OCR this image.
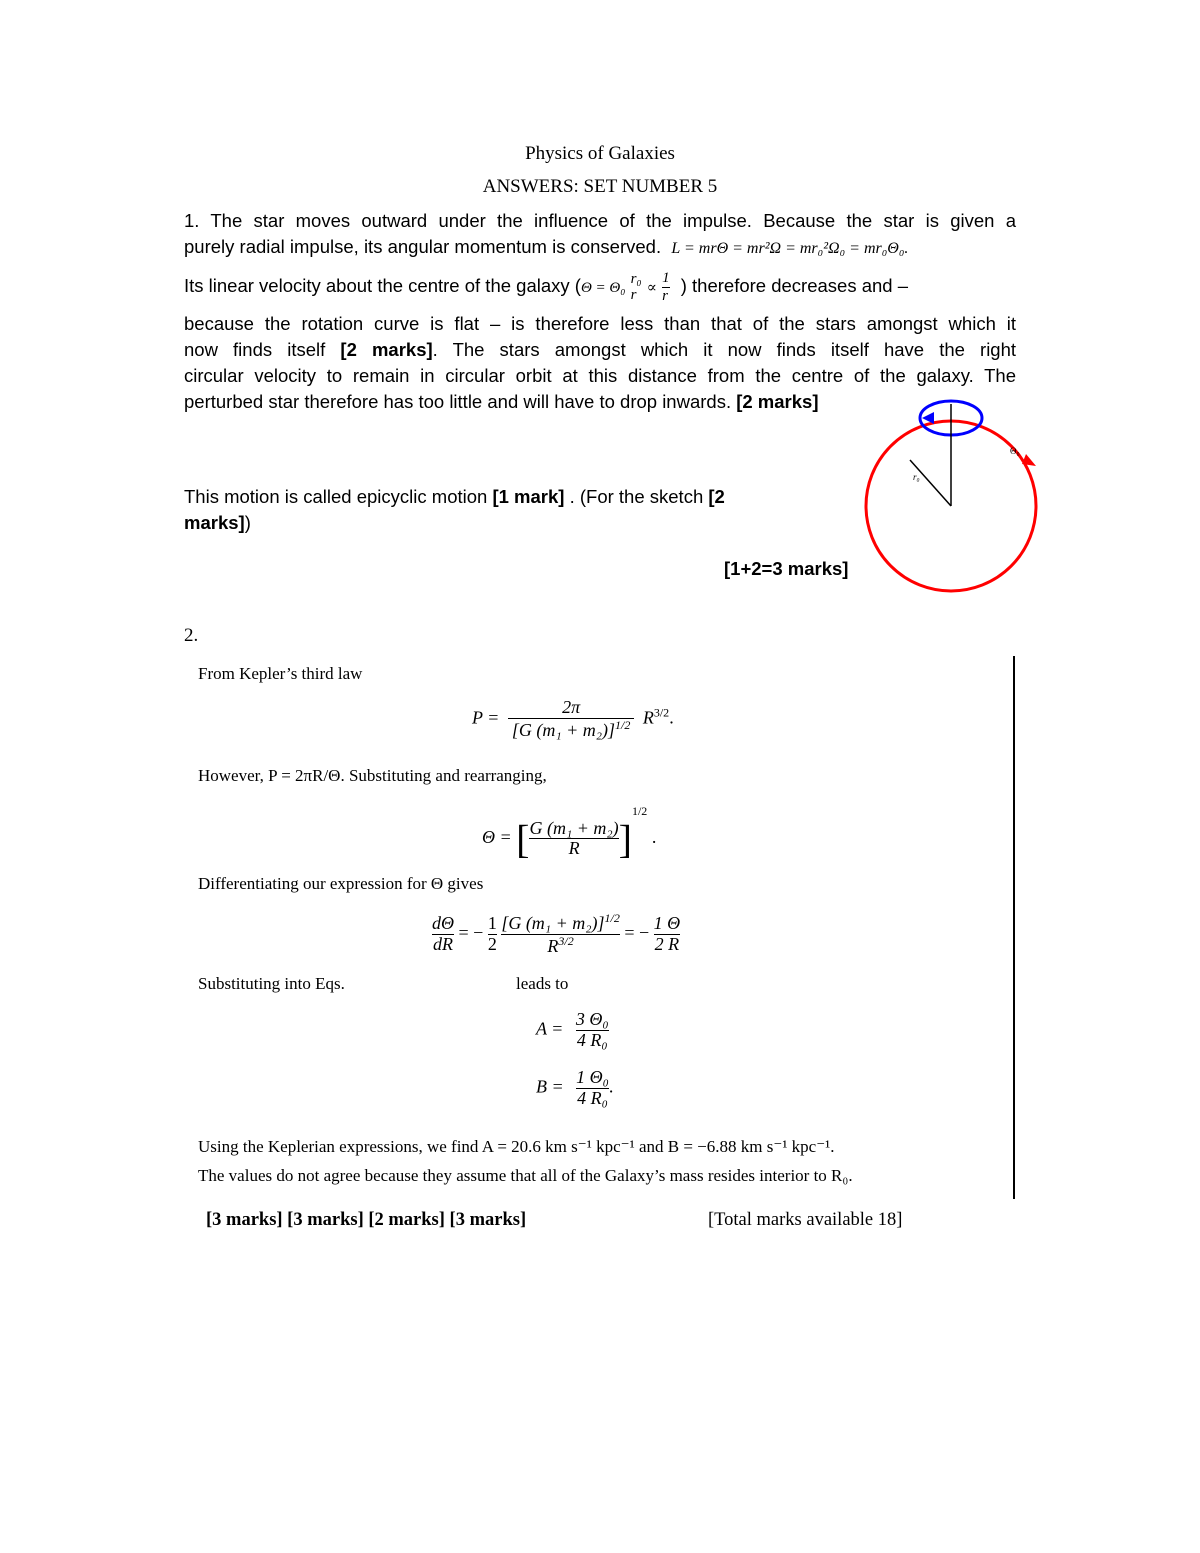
Physics of Galaxies
ANSWERS: SET NUMBER 5
1. The star moves outward under the influence of the impulse. Because the star is given a
purely radial impulse, its angular momentum is conserved. L = mrΘ = mr²Ω = mr₀²Ω₀ = mr₀Θ₀.
Its linear velocity about the centre of the galaxy (Θ = Θ₀
r₀
$r \propto \frac{1}{r}$ ) therefore decreases and –
because the rotation curve is flat – is therefore less than that of the stars amongst which it
now finds itself [2 marks]. The stars amongst which it now finds itself have the right
circular velocity to remain in circular orbit at this distance from the centre of the galaxy. The
perturbed star therefore has too little and will have to drop inwards. [2 marks]
This motion is called epicyclic motion [1 mark] . (For the sketch [2
marks])
[1+2=3 marks]
r₀
Θ₀
2.
From Kepler’s third law
$P = \frac{2\pi}{[G (m_1 + m_2)]^{1/2}} R^{3/2}$.
However, P = 2πR/Θ. Substituting and rearranging,
Θ = [ $\frac{\text{G (m₁ + m₂)}}{R} ]^{1/2}$ .
Differentiating our expression for Θ gives
$\frac{d\Theta}{dR}$ = − $\frac{1}{2}$
$\frac{[G (m_1 + m_2)]^{1/2}}{R^{3/2}}$ = − $\frac{1 \Theta}{2 R}$
Substituting into Eqs.	leads to
$A = \frac{\text{3 Θ₀}}{\text{4 R₀}}$
$B = \frac{\text{1 Θ₀}}{\text{4 R₀}}$ .
Using the Keplerian expressions, we find A = 20.6 km s⁻¹ kpc⁻¹ and B = −6.88 km s⁻¹ kpc⁻¹.
The values do not agree because they assume that all of the Galaxy’s mass resides interior to R₀.
[3 marks] [3 marks] [2 marks] [3 marks]	[Total marks available 18]
